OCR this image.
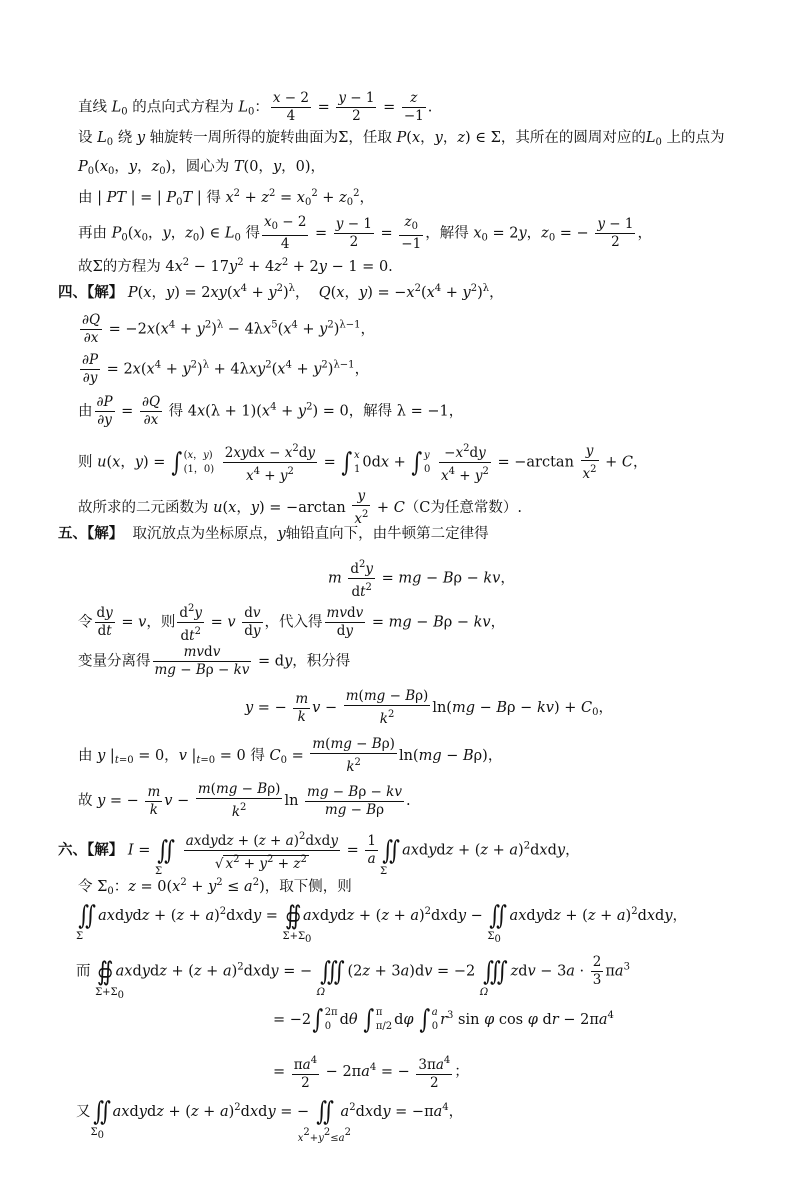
直线 $L_0$ 的点向式方程为 $L_0$： $\frac{x - 2}{4} = \frac{y - 1}{2} = \frac{z}{-1}$ .
设 $L_0$ 绕 y 轴旋转一周所得的旋转曲面为Σ，任取 P(x，y，z) ∈ Σ，其所在的圆周对应的$L_0$ 上的点为
$P_0(x_0$，y，$z_0$)，圆心为 T(0，y，0)，
由 | PT | = | $P_0T$ | 得 $x^2 + z^2 = x_0^2 + z_0^2$，
再由 $P_0(x_0$，y，$z_0$) ∈ $L_0$ 得 $\frac{x_0 - 2}{4} = \frac{y - 1}{2} = \frac{z_0}{-1}$ ，解得 $x_0 = 2y$，$z_0$ = − $\frac{y - 1}{2}$ ，
故Σ的方程为 $4x^2 - 17y^2 + 4z^2 + 2y - 1 = 0$.
四、【解】 P(x，$y) = 2xy(x^4 + y^2)^\lambda$，  Q(x，$y) = -x^2(x^4 + y^2)^\lambda$，
$\frac{\partial Q}{\partial x} = -2x(x^4 + y^2)^\lambda - 4\lambda x^5(x^4 + y^2)^{\lambda-1}$，
$\frac{\partial P}{\partial y} = 2x(x^4 + y^2)^\lambda + 4\lambda xy^2(x^4 + y^2)^{\lambda-1}$，
由 $\frac{\partial P}{\partial y} = \frac{\partial Q}{\partial x}$ 得 $4x(\lambda + 1)(x^4 + y^2) = 0$，解得 λ = −1，
则 u(x，y) = ∫ (x，y)
(1，0)

2xydx − $x^2dy$
$x^4 + y^2$
= ∫ x
1 0dx + ∫ y
0
$\frac{-x^2dy}{x^4 + y^2} = -\arctan \frac{y}{x^2} + C$，
故所求的二元函数为 u(x，$y) = -\arctan \frac{y}{x^2} + C(C$为任意常数）.
五、【解】 取沉放点为坐标原点，y轴铅直向下，由牛顿第二定律得
m $\frac{d^2y}{dt^2}$ = mg − Bρ − kv，
令 $\frac{dy}{dt} = v$，则 $\frac{d^2y}{dt^2} = v \frac{dv}{dy}$ ，代入得
mvdv
dy
= mg − Bρ − kv，
变量分离得
mvdv
mg − Bρ − kv
= dy，积分得
y = − $\frac{m}{k}$ $v - \frac{m(mg - B\rho)}{k^2} \ln(mg - B\rho - kv) + C_0$，
由 y $|_{t=0} = 0$，v $|_{t=0} = 0$ 得 $C_0 = \frac{m(mg - B\rho)}{k^2} \ln(mg - B\rho)$，
故 y = − $\frac{m}{k}$ $v - \frac{m(mg - B\rho)}{k^2}$ $\ln \frac{mg - B\rho - kv}{mg - B\rho}$ .
六、【解】 I = ∬
Σ

axdydz + $(z + a)^2dxdy$
√ $x^2 + y^2 + z^2$
= $\frac{1}{a}$ ∬
Σ
axdydz + $(z + a)^2dxdy$，
令 $\Sigma_0$：$z = 0(x^2 + y^2 \le a^2)$，取下侧，则
∬
Σ
axdydz + $(z + a)^2dxdy$ = ∯
Σ+Σ0
axdydz + $(z + a)^2dxdy$ − ∬
Σ0
axdydz + $(z + a)^2dxdy$，
而 ∯
Σ+Σ0
axdydz + $(z + a)^2dxdy$ = − ∭
Ω
(2z + 3a)dv = −2 ∭
Ω
zdv − $3a \cdot \frac{2}{3} \pi a^3$
= −2∫ 2π
0 dθ ∫ π
π/2 dφ ∫ a
0 $r^3$ sin φ cos φ dr − $2\pi a^4$
= $\frac{\pi a^4}{2} - 2\pi a^4$ = − $\frac{3\pi a^4}{2}$ ；
又∬
Σ0
axdydz + $(z + a)^2dxdy$ = − ∬
x2+y2≤a2
$a^2dxdy = -\pi a^4$，
